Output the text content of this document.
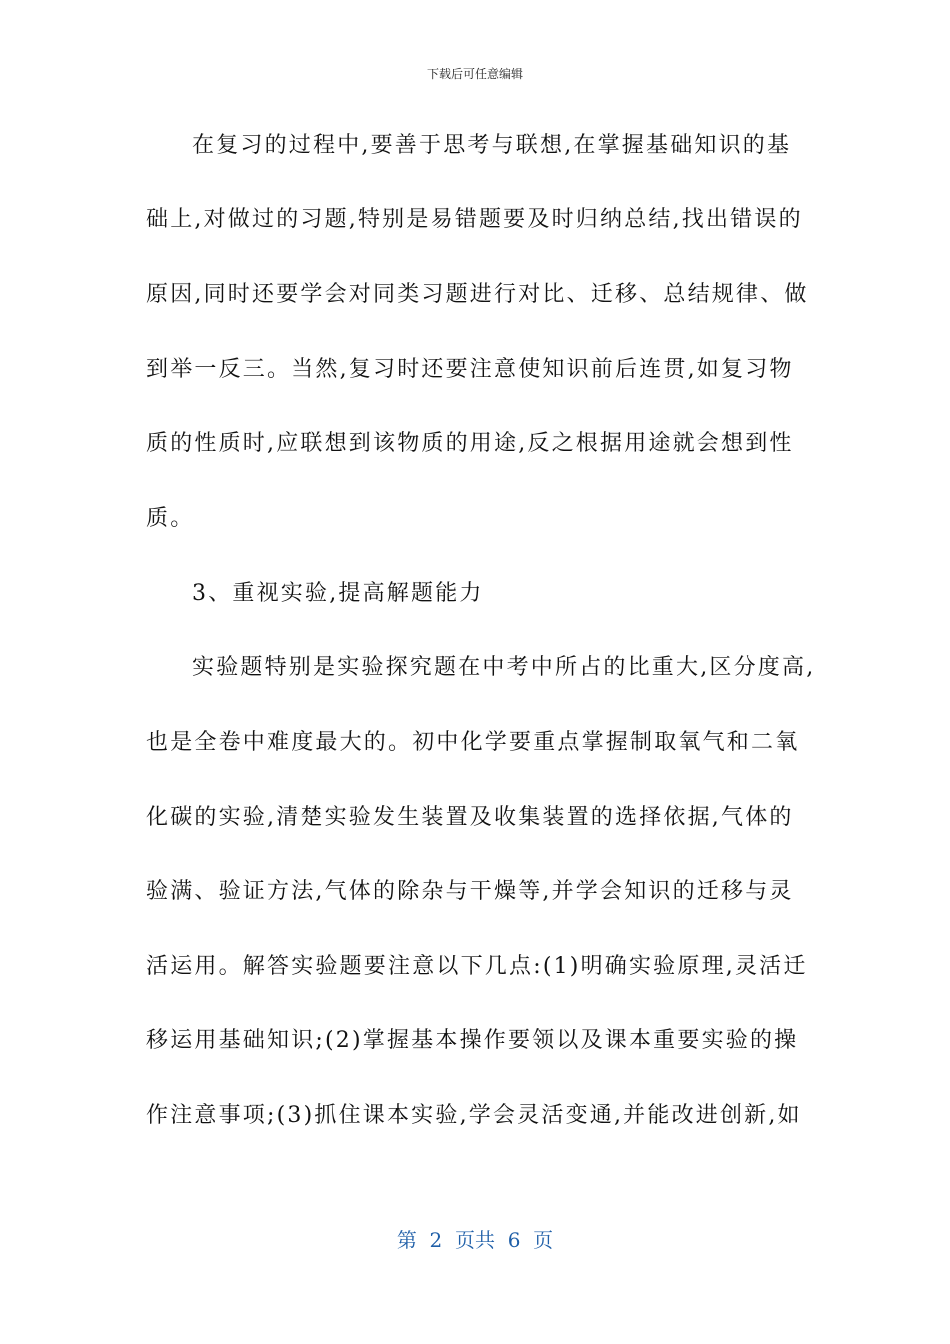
下载后可任意编辑
在复习的过程中,要善于思考与联想,在掌握基础知识的基
础上,对做过的习题,特别是易错题要及时归纳总结,找出错误的
原因,同时还要学会对同类习题进行对比、迁移、总结规律、做
到举一反三。当然,复习时还要注意使知识前后连贯,如复习物
质的性质时,应联想到该物质的用途,反之根据用途就会想到性
质。
3、重视实验,提高解题能力
实验题特别是实验探究题在中考中所占的比重大,区分度高,
也是全卷中难度最大的。初中化学要重点掌握制取氧气和二氧
化碳的实验,清楚实验发生装置及收集装置的选择依据,气体的
验满、验证方法,气体的除杂与干燥等,并学会知识的迁移与灵
活运用。解答实验题要注意以下几点:(1)明确实验原理,灵活迁
移运用基础知识;(2)掌握基本操作要领以及课本重要实验的操
作注意事项;(3)抓住课本实验,学会灵活变通,并能改进创新,如
第  2  页共  6  页
